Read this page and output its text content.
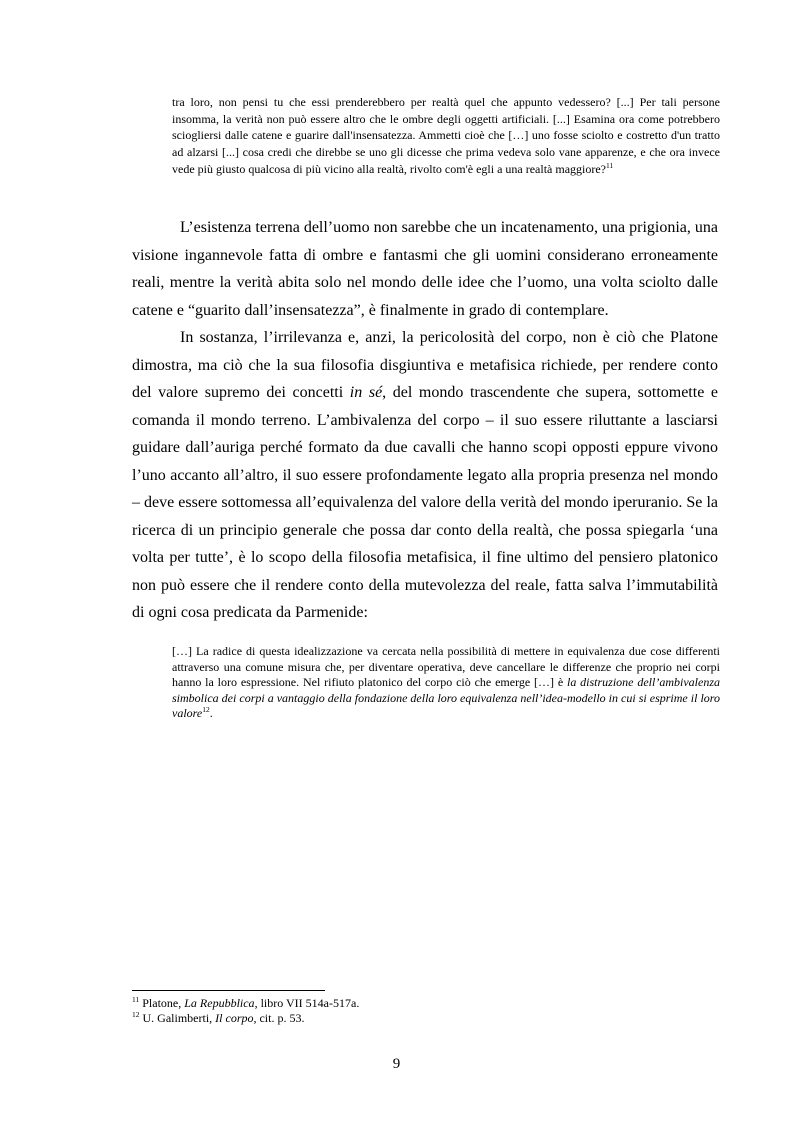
tra loro, non pensi tu che essi prenderebbero per realtà quel che appunto vedessero? [...] Per tali persone insomma, la verità non può essere altro che le ombre degli oggetti artificiali. [...] Esamina ora come potrebbero sciogliersi dalle catene e guarire dall'insensatezza. Ammetti cioè che […] uno fosse sciolto e costretto d'un tratto ad alzarsi [...] cosa credi che direbbe se uno gli dicesse che prima vedeva solo vane apparenze, e che ora invece vede più giusto qualcosa di più vicino alla realtà, rivolto com'è egli a una realtà maggiore?$^{11}$

L’esistenza terrena dell’uomo non sarebbe che un incatenamento, una prigionia, una visione ingannevole fatta di ombre e fantasmi che gli uomini considerano erroneamente reali, mentre la verità abita solo nel mondo delle idee che l’uomo, una volta sciolto dalle catene e “guarito dall’insensatezza”, è finalmente in grado di contemplare.

In sostanza, l’irrilevanza e, anzi, la pericolosità del corpo, non è ciò che Platone dimostra, ma ciò che la sua filosofia disgiuntiva e metafisica richiede, per rendere conto del valore supremo dei concetti in sé, del mondo trascendente che supera, sottomette e comanda il mondo terreno. L’ambivalenza del corpo – il suo essere riluttante a lasciarsi guidare dall’auriga perché formato da due cavalli che hanno scopi opposti eppure vivono l’uno accanto all’altro, il suo essere profondamente legato alla propria presenza nel mondo – deve essere sottomessa all’equivalenza del valore della verità del mondo iperuranio. Se la ricerca di un principio generale che possa dar conto della realtà, che possa spiegarla ‘una volta per tutte’, è lo scopo della filosofia metafisica, il fine ultimo del pensiero platonico non può essere che il rendere conto della mutevolezza del reale, fatta salva l’immutabilità di ogni cosa predicata da Parmenide:

[…] La radice di questa idealizzazione va cercata nella possibilità di mettere in equivalenza due cose differenti attraverso una comune misura che, per diventare operativa, deve cancellare le differenze che proprio nei corpi hanno la loro espressione. Nel rifiuto platonico del corpo ciò che emerge […] è la distruzione dell’ambivalenza simbolica dei corpi a vantaggio della fondazione della loro equivalenza nell’idea-modello in cui si esprime il loro valore$^{12}$.

$^{11}$ Platone, La Repubblica, libro VII 514a-517a.

$^{12}$ U. Galimberti, Il corpo, cit. p. 53.

9
